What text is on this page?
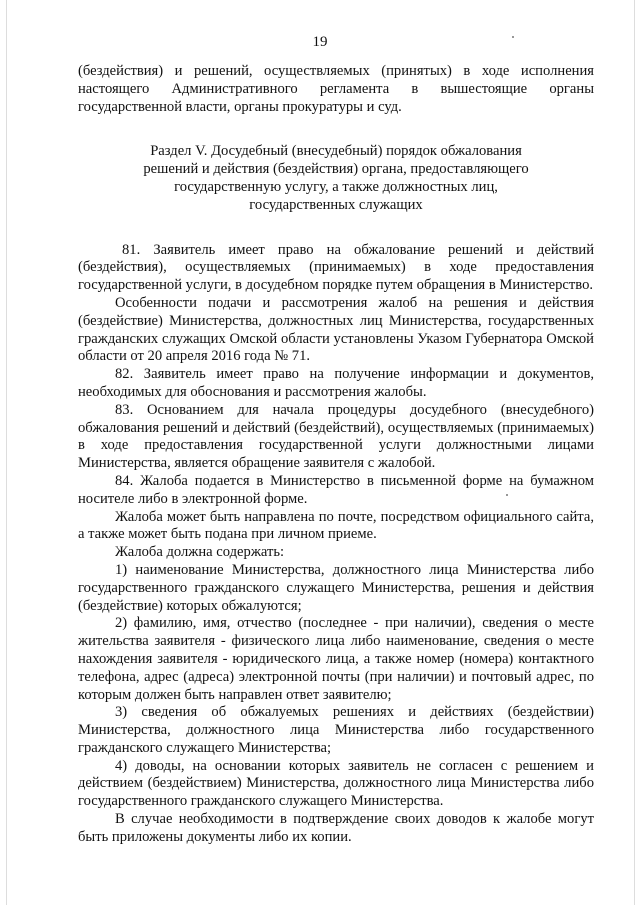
19

(бездействия) и решений, осуществляемых (принятых) в ходе исполнения настоящего Административного регламента в вышестоящие органы государственной власти, органы прокуратуры и суд.

Раздел V. Досудебный (внесудебный) порядок обжалования
решений и действия (бездействия) органа, предоставляющего
государственную услугу, а также должностных лиц,
государственных служащих

81. Заявитель имеет право на обжалование решений и действий (бездействия), осуществляемых (принимаемых) в ходе предоставления государственной услуги, в досудебном порядке путем обращения в Министерство.

Особенности подачи и рассмотрения жалоб на решения и действия (бездействие) Министерства, должностных лиц Министерства, государственных гражданских служащих Омской области установлены Указом Губернатора Омской области от 20 апреля 2016 года № 71.

82. Заявитель имеет право на получение информации и документов, необходимых для обоснования и рассмотрения жалобы.

83. Основанием для начала процедуры досудебного (внесудебного) обжалования решений и действий (бездействий), осуществляемых (принимаемых) в ходе предоставления государственной услуги должностными лицами Министерства, является обращение заявителя с жалобой.

84. Жалоба подается в Министерство в письменной форме на бумажном носителе либо в электронной форме.

Жалоба может быть направлена по почте, посредством официального сайта, а также может быть подана при личном приеме.

Жалоба должна содержать:

1) наименование Министерства, должностного лица Министерства либо государственного гражданского служащего Министерства, решения и действия (бездействие) которых обжалуются;

2) фамилию, имя, отчество (последнее - при наличии), сведения о месте жительства заявителя - физического лица либо наименование, сведения о месте нахождения заявителя - юридического лица, а также номер (номера) контактного телефона, адрес (адреса) электронной почты (при наличии) и почтовый адрес, по которым должен быть направлен ответ заявителю;

3) сведения об обжалуемых решениях и действиях (бездействии) Министерства, должностного лица Министерства либо государственного гражданского служащего Министерства;

4) доводы, на основании которых заявитель не согласен с решением и действием (бездействием) Министерства, должностного лица Министерства либо государственного гражданского служащего Министерства.

В случае необходимости в подтверждение своих доводов к жалобе могут быть приложены документы либо их копии.
